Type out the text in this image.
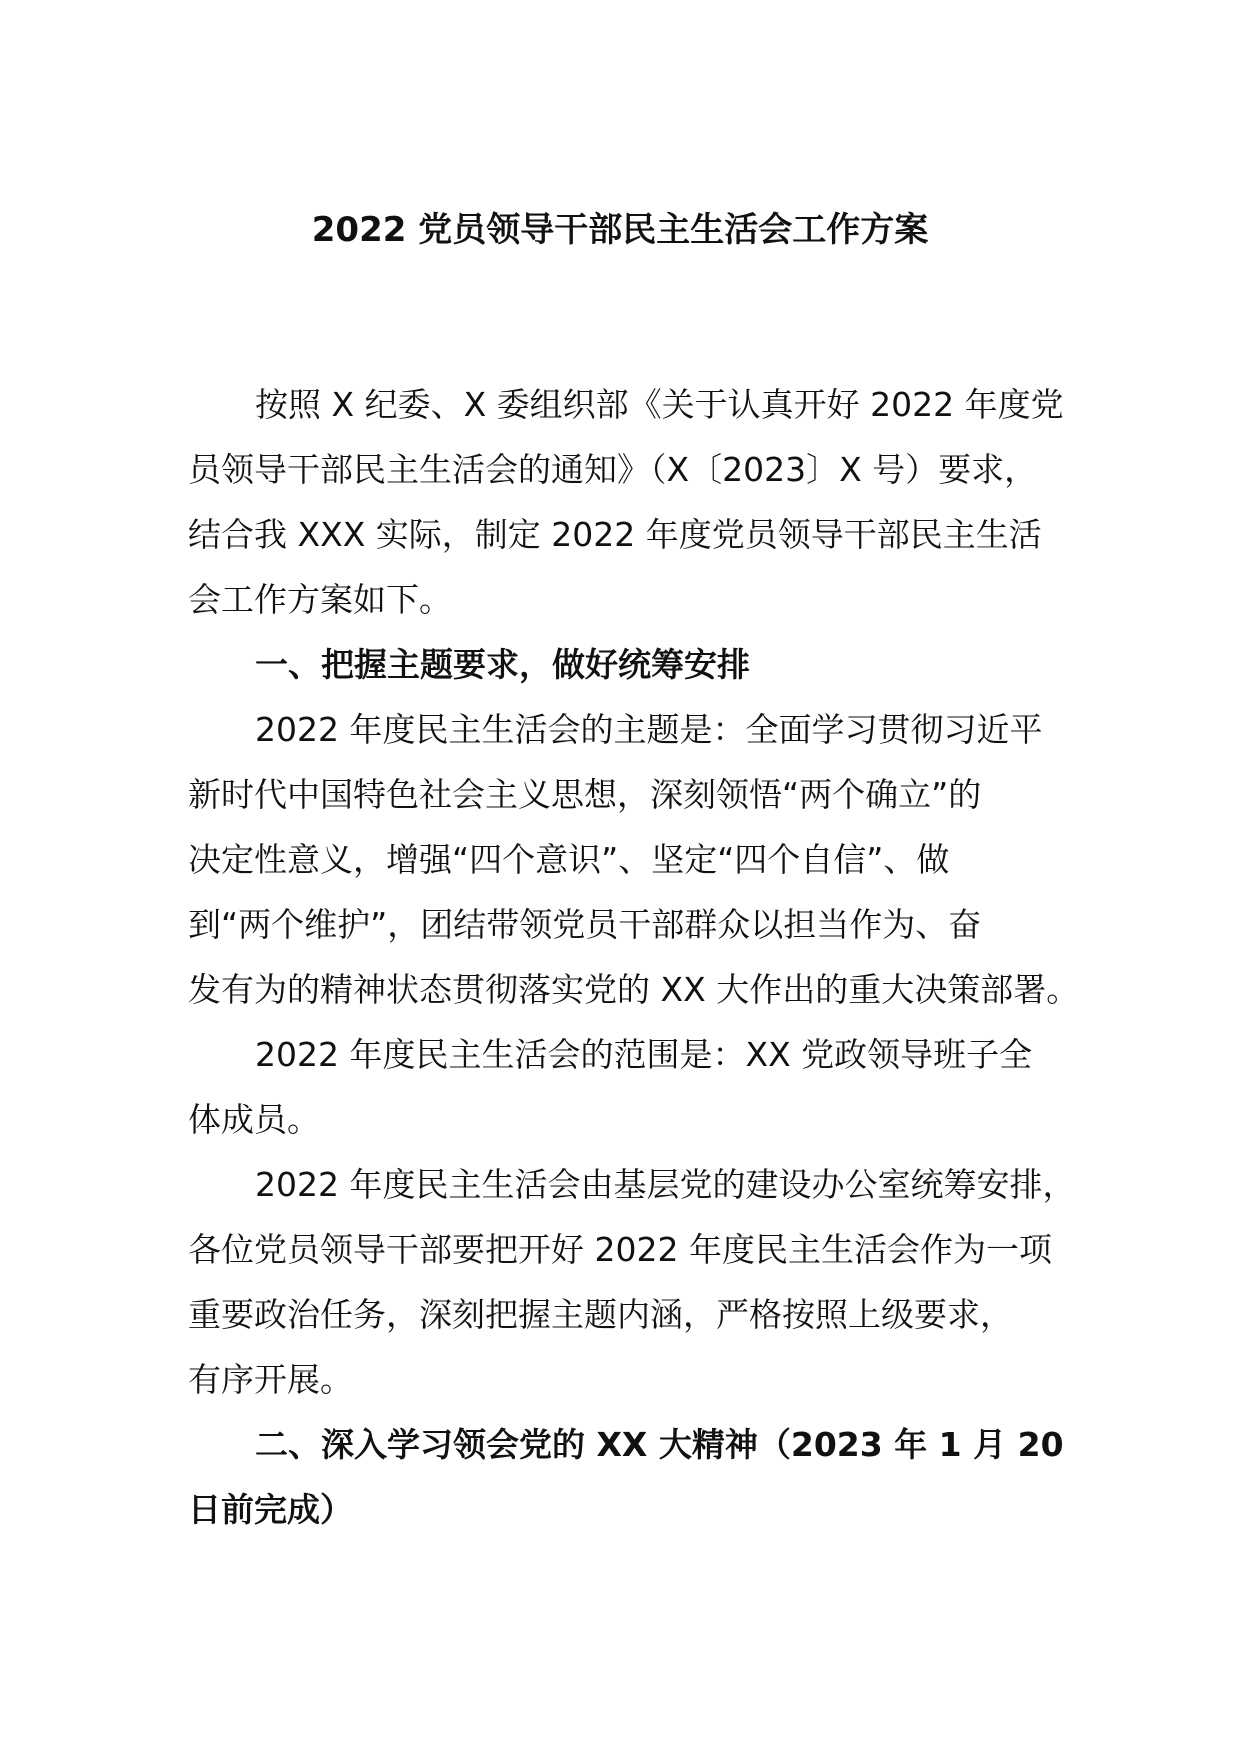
2022 党员领导干部民主生活会工作方案
按照 X 纪委、X 委组织部《关于认真开好 2022 年度党
员领导干部民主生活会的通知》（X〔2023〕X 号）要求，
结合我 XXX 实际，制定 2022 年度党员领导干部民主生活
会工作方案如下。
一、把握主题要求，做好统筹安排
2022 年度民主生活会的主题是：全面学习贯彻习近平
新时代中国特色社会主义思想，深刻领悟“两个确立”的
决定性意义，增强“四个意识”、坚定“四个自信”、做
到“两个维护”，团结带领党员干部群众以担当作为、奋
发有为的精神状态贯彻落实党的 XX 大作出的重大决策部署。
2022 年度民主生活会的范围是：XX 党政领导班子全
体成员。
2022 年度民主生活会由基层党的建设办公室统筹安排，
各位党员领导干部要把开好 2022 年度民主生活会作为一项
重要政治任务，深刻把握主题内涵，严格按照上级要求，
有序开展。
二、深入学习领会党的 XX 大精神（2023 年 1 月 20
日前完成）
